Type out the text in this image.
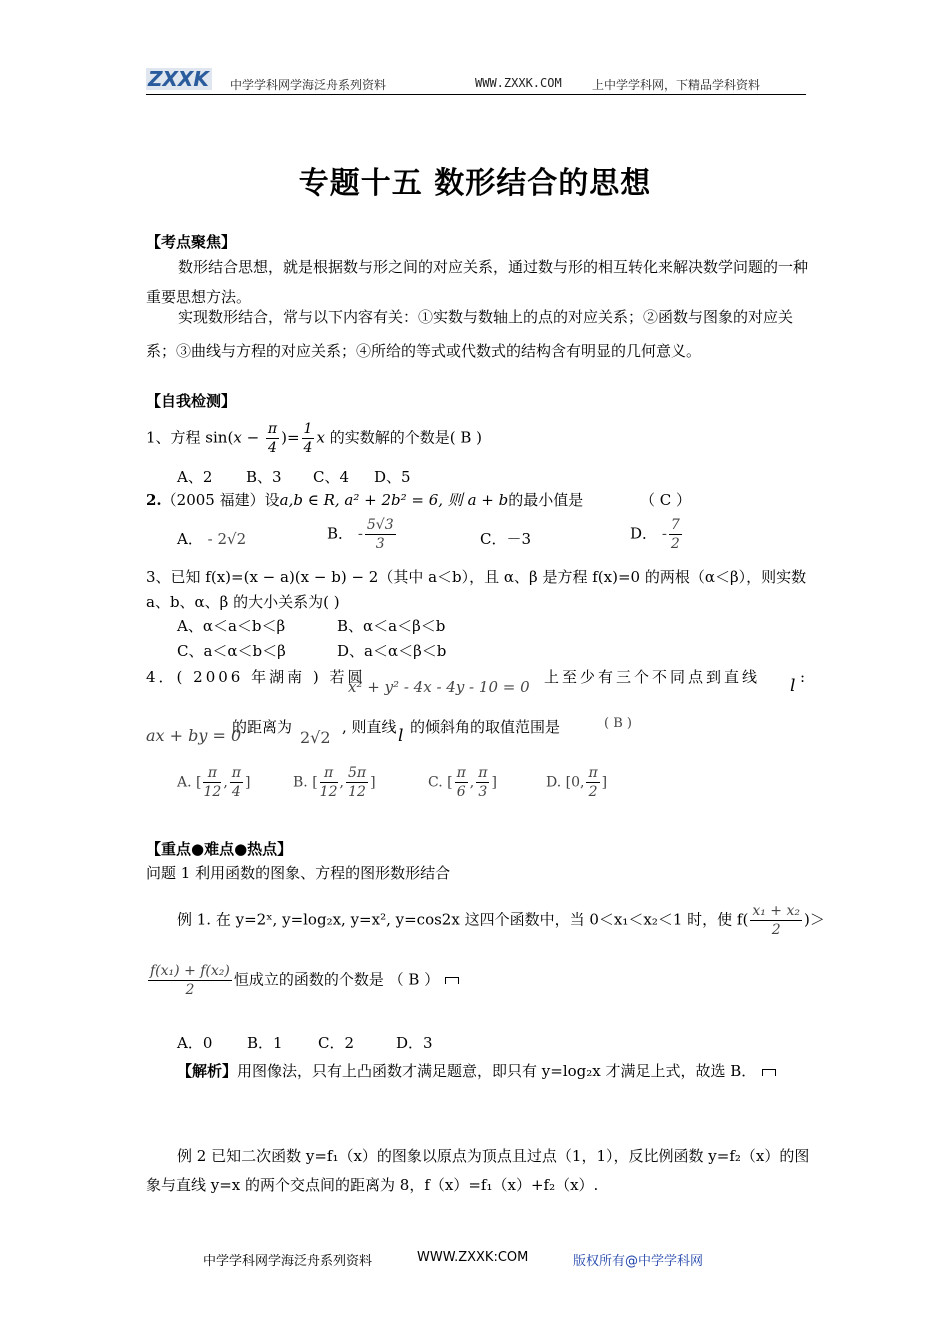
ZXXK 中学学科网学海泛舟系列资料	WWW.ZXXK.COM	上中学学科网，下精品学科资料
专题十五 数形结合的思想
【考点聚焦】
数形结合思想，就是根据数与形之间的对应关系，通过数与形的相互转化来解决数学问题的一种重要思想方法。
实现数形结合，常与以下内容有关：①实数与数轴上的点的对应关系；②函数与图象的对应关系；③曲线与方程的对应关系；④所给的等式或代数式的结构含有明显的几何意义。
【自我检测】
1、方程 $\sin(x - \frac{\pi}{4}$ )= $\frac{1}{4}$ x 的实数解的个数是( B )
A、2 B、3 C、4 D、5
2.（2005 福建）设a,b ∈ R, a² + 2b² = 6, 则 a + b的最小值是	（ C ）
A． - 2√2	B． - $\frac{5√3}{3}$	C．－3	D． - $\frac{7}{2}$
3、已知 f(x)=(x − a)(x − b) − 2（其中 a＜b），且 α、β 是方程 f(x)=0 的两根（α＜β），则实数
a、b、α、β 的大小关系为( )
A、α＜a＜b＜β	B、α＜a＜β＜b
C、a＜α＜b＜β	D、a＜α＜β＜b
4．( 2006 年湖南 ) 若圆
x² + y² - 4x - 4y - 10 = 0
上至少有三个不同点到直线 l :
ax + by = 0
的距离为
2√2
, 则直线 l 的倾斜角的取值范围是	( B )
A. [ $\frac{\pi}{12}$ , $\frac{\pi}{4}$ ]	B. [ $\frac{\pi}{12}$ , $\frac{5\pi}{12}$ ]	C. [ $\frac{\pi}{6}$ , $\frac{\pi}{3}$ ]	D. [0, $\frac{\pi}{2}$ ]
【重点●难点●热点】
问题 1 利用函数的图象、方程的图形数形结合
例 1. 在 y=2ˣ, y=log₂x, y=x², y=cos2x 这四个函数中，当 0＜x₁＜x₂＜1 时，使 $f( \frac{\text{x₁ + x₂}}{2}$ )＞
$\frac{\text{f(x₁) + f(x₂)}}{2}$ 恒成立的函数的个数是 （ B ）
A．0 B．1 C．2	D．3
【解析】用图像法，只有上凸函数才满足题意，即只有 y=log₂x 才满足上式，故选 B．
例 2 已知二次函数 y=f₁（x）的图象以原点为顶点且过点（1，1），反比例函数 y=f₂（x）的图
象与直线 y=x 的两个交点间的距离为 8，f（x）=f₁（x）+f₂（x）.
中学学科网学海泛舟系列资料	WWW.ZXXK:COM	版权所有@中学学科网
